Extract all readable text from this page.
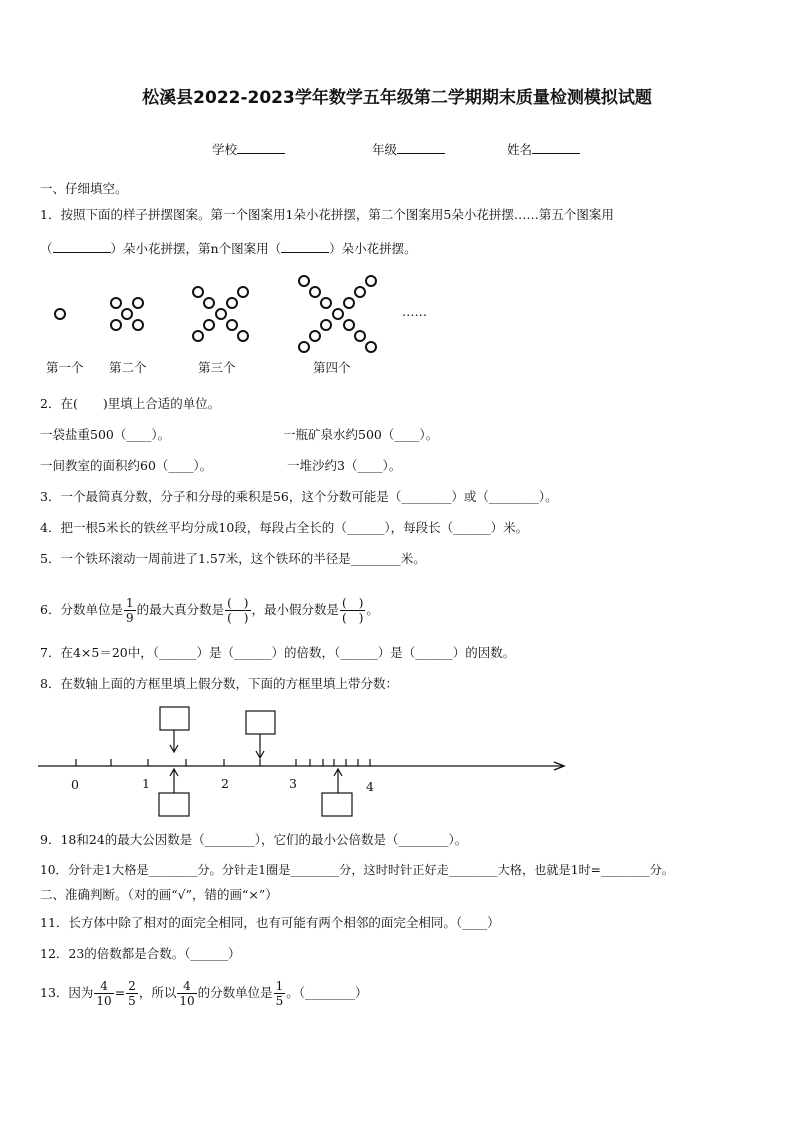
松溪县2022-2023学年数学五年级第二学期期末质量检测模拟试题
学校	年级	姓名
一、仔细填空。
1．按照下面的样子拼摆图案。第一个图案用1朵小花拼摆，第二个图案用5朵小花拼摆……第五个图案用
（	）朵小花拼摆，第n个图案用（	）朵小花拼摆。
……
第一个 第二个	第三个	第四个
2．在(　　)里填上合适的单位。
一袋盐重500（____）。	一瓶矿泉水约500（____）。
一间教室的面积约60（____）。	一堆沙约3（____）。
3．一个最简真分数，分子和分母的乘积是56，这个分数可能是（________）或（________）。
4．把一根5米长的铁丝平均分成10段，每段占全长的（______），每段长（______）米。
5．一个铁环滚动一周前进了1.57米，这个铁环的半径是________米。
6．分数单位是 $\frac{1}{9}$ 的最大真分数是 $\frac{( )}{( )}$ ，最小假分数是 $\frac{( )}{( )}$ 。
7．在4×5＝20中，（______）是（______）的倍数，（______）是（______）的因数。
8．在数轴上面的方框里填上假分数，下面的方框里填上带分数：
0	1	2	3	4
9．18和24的最大公因数是（________），它们的最小公倍数是（________）。
10．分针走1大格是________分。分针走1圈是________分，这时时针正好走________大格，也就是1时=________分。
二、准确判断。（对的画“√”，错的画“×”）
11．长方体中除了相对的面完全相同，也有可能有两个相邻的面完全相同。（____）
12．23的倍数都是合数。（______）
13．因为 $\frac{4}{10} = \frac{2}{5}$ ，所以 $\frac{4}{10}$ 的分数单位是 $\frac{1}{5}$ 。（________）
